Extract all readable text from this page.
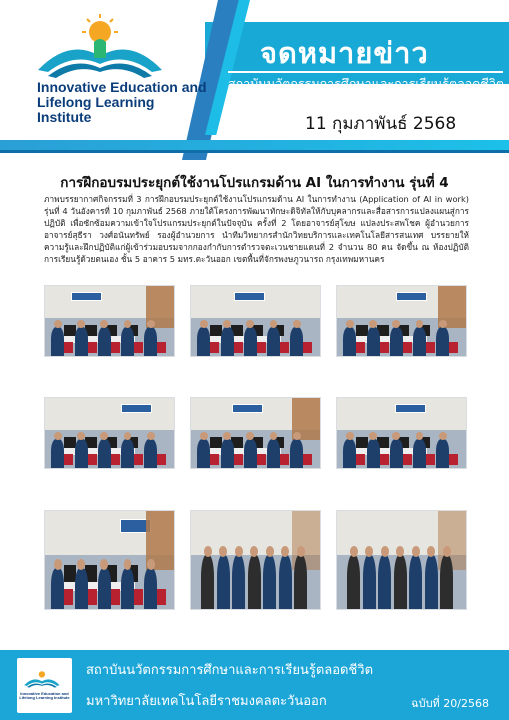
Innovative Education and Lifelong Learning Institute
จดหมายข่าว
สถาบันนวัตกรรมการศึกษาและการเรียนรู้ตลอดชีวิต
11 กุมภาพันธ์ 2568
การฝึกอบรมประยุกต์ใช้งานโปรแกรมด้าน AI ในการทำงาน รุ่นที่ 4
ภาพบรรยากาศกิจกรรมที่ 3 การฝึกอบรมประยุกต์ใช้งานโปรแกรมด้าน AI ในการทำงาน (Application of AI in work) รุ่นที่ 4 วันอังคารที่ 10 กุมภาพันธ์ 2568 ภายใต้โครงการพัฒนาทักษะดิจิทัลให้กับบุคลากรและสื่อสารการแปลงแผนสู่การปฏิบัติ เพื่อซักซ้อมความเข้าใจโปรแกรมประยุกต์ในปัจจุบัน ครั้งที่ 2 โดยอาจารย์สุโฆษ แปลงประสพโชค ผู้อำนวยการ อาจารย์สุธีรา วงศ์อนันทรัพย์ รองผู้อำนวยการ นำทีมวิทยากรสำนักวิทยบริการและเทคโนโลยีสารสนเทศ บรรยายให้ความรู้และฝึกปฏิบัติแก่ผู้เข้าร่วมอบรมจากกองกำกับการตำรวจตะเวนชายแดนที่ 2 จำนวน 80 คน จัดขึ้น ณ ห้องปฏิบัติการเรียนรู้ด้วยตนเอง ชั้น 5 อาคาร 5 มทร.ตะวันออก เขตพื้นที่จักรพงษภูวนารถ กรุงเทพมหานคร
Innovative Education and Lifelong Learning Institute
สถาบันนวัตกรรมการศึกษาและการเรียนรู้ตลอดชีวิต
มหาวิทยาลัยเทคโนโลยีราชมงคลตะวันออก	ฉบับที่ 20/2568
